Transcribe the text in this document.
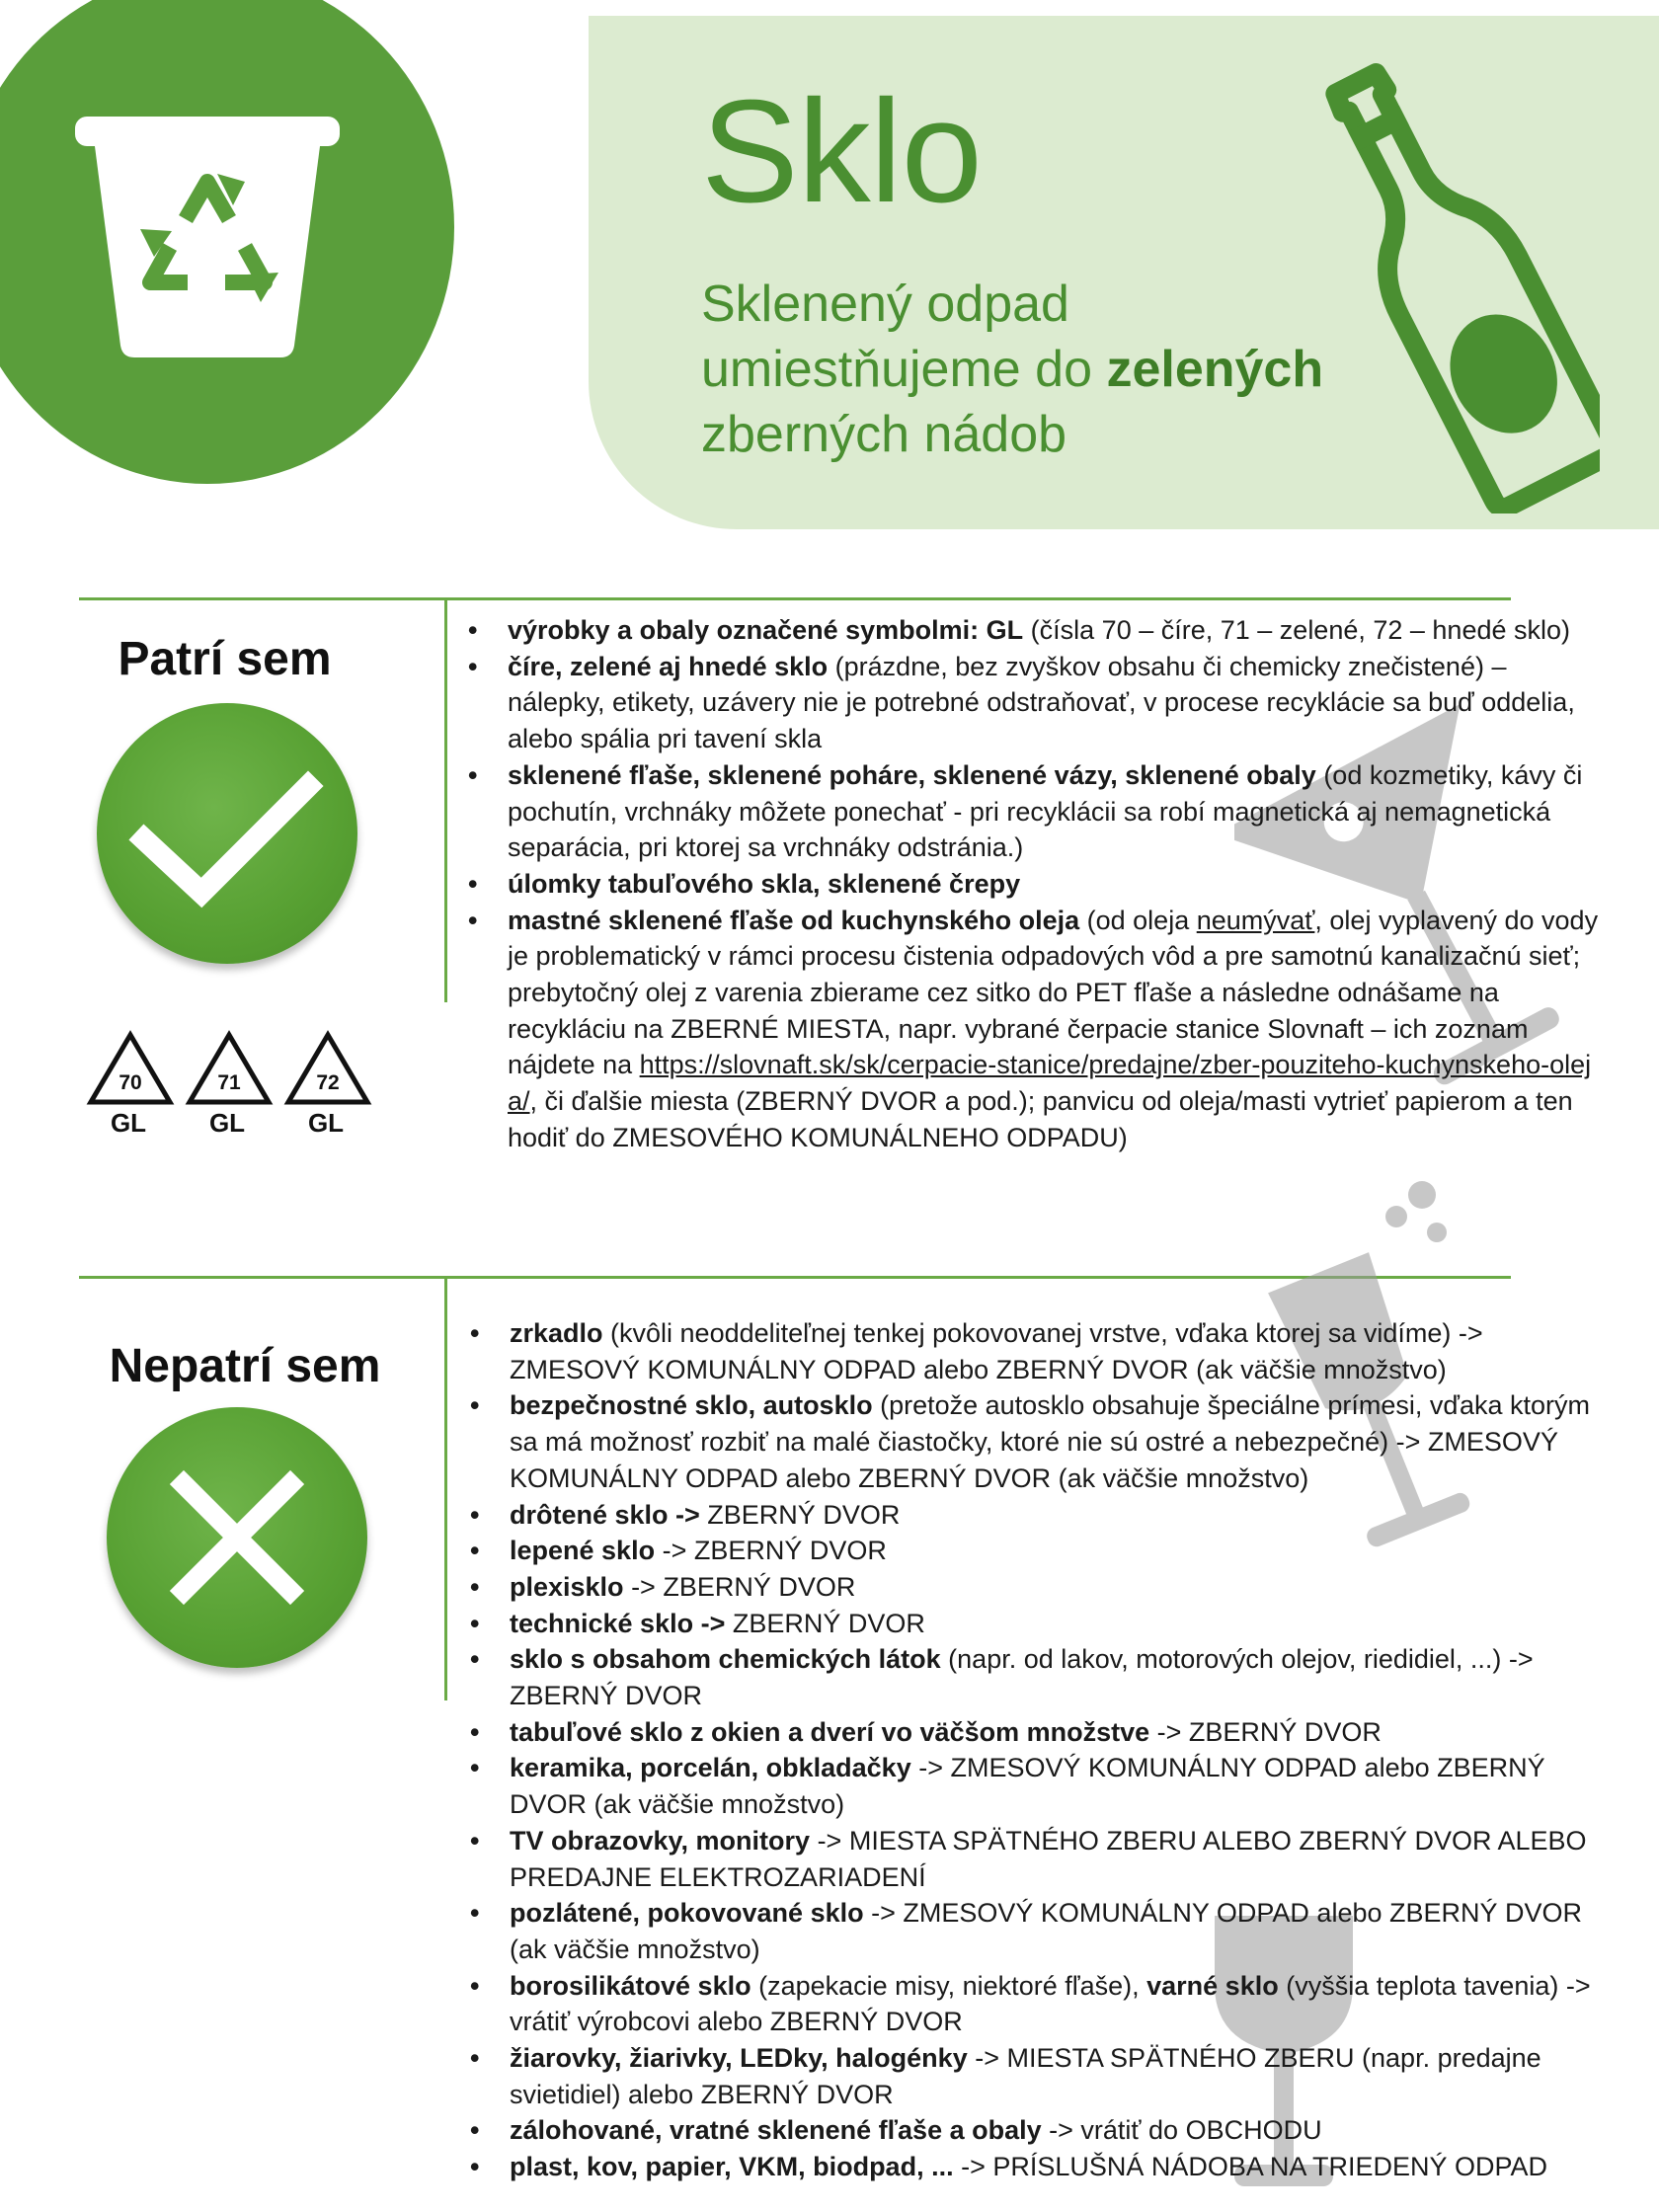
Sklo
Sklenený odpad
umiestňujeme do zelených
zberných nádob
Patrí sem
70	71	72
GL GL GL
• výrobky a obaly označené symbolmi: GL (čísla 70 – číre, 71 – zelené, 72 – hnedé sklo)
• číre, zelené aj hnedé sklo (prázdne, bez zvyškov obsahu či chemicky znečistené) – nálepky, etikety, uzávery nie je potrebné odstraňovať, v procese recyklácie sa buď oddelia, alebo spália pri tavení skla
• sklenené fľaše, sklenené poháre, sklenené vázy, sklenené obaly (od kozmetiky, kávy či pochutín, vrchnáky môžete ponechať - pri recyklácii sa robí magnetická aj nemagnetická separácia, pri ktorej sa vrchnáky odstránia.)
• úlomky tabuľového skla, sklenené črepy
• mastné sklenené fľaše od kuchynského oleja (od oleja neumývať, olej vyplavený do vody je problematický v rámci procesu čistenia odpadových vôd a pre samotnú kanalizačnú sieť; prebytočný olej z varenia zbierame cez sitko do PET fľaše a následne odnášame na recykláciu na ZBERNÉ MIESTA, napr. vybrané čerpacie stanice Slovnaft – ich zoznam nájdete na https://slovnaft.sk/sk/cerpacie-stanice/predajne/zber-pouziteho-kuchynskeho-oleja/, či ďalšie miesta (ZBERNÝ DVOR a pod.); panvicu od oleja/masti vytrieť papierom a ten hodiť do ZMESOVÉHO KOMUNÁLNEHO ODPADU)
Nepatrí sem
• zrkadlo (kvôli neoddeliteľnej tenkej pokovovanej vrstve, vďaka ktorej sa vidíme) -> ZMESOVÝ KOMUNÁLNY ODPAD alebo ZBERNÝ DVOR (ak väčšie množstvo)
• bezpečnostné sklo, autosklo (pretože autosklo obsahuje špeciálne prímesi, vďaka ktorým sa má možnosť rozbiť na malé čiastočky, ktoré nie sú ostré a nebezpečné) -> ZMESOVÝ KOMUNÁLNY ODPAD alebo ZBERNÝ DVOR (ak väčšie množstvo)
• drôtené sklo -> ZBERNÝ DVOR
• lepené sklo -> ZBERNÝ DVOR
• plexisklo -> ZBERNÝ DVOR
• technické sklo -> ZBERNÝ DVOR
• sklo s obsahom chemických látok (napr. od lakov, motorových olejov, riedidiel, ...) -> ZBERNÝ DVOR
• tabuľové sklo z okien a dverí vo väčšom množstve -> ZBERNÝ DVOR
• keramika, porcelán, obkladačky -> ZMESOVÝ KOMUNÁLNY ODPAD alebo ZBERNÝ DVOR (ak väčšie množstvo)
• TV obrazovky, monitory -> MIESTA SPÄTNÉHO ZBERU ALEBO ZBERNÝ DVOR ALEBO PREDAJNE ELEKTROZARIADENÍ
• pozlátené, pokovované sklo -> ZMESOVÝ KOMUNÁLNY ODPAD alebo ZBERNÝ DVOR (ak väčšie množstvo)
• borosilikátové sklo (zapekacie misy, niektoré fľaše), varné sklo (vyššia teplota tavenia) -> vrátiť výrobcovi alebo ZBERNÝ DVOR
• žiarovky, žiarivky, LEDky, halogénky -> MIESTA SPÄTNÉHO ZBERU (napr. predajne svietidiel) alebo ZBERNÝ DVOR
• zálohované, vratné sklenené fľaše a obaly -> vrátiť do OBCHODU
• plast, kov, papier, VKM, biodpad, ... -> PRÍSLUŠNÁ NÁDOBA NA TRIEDENÝ ODPAD
